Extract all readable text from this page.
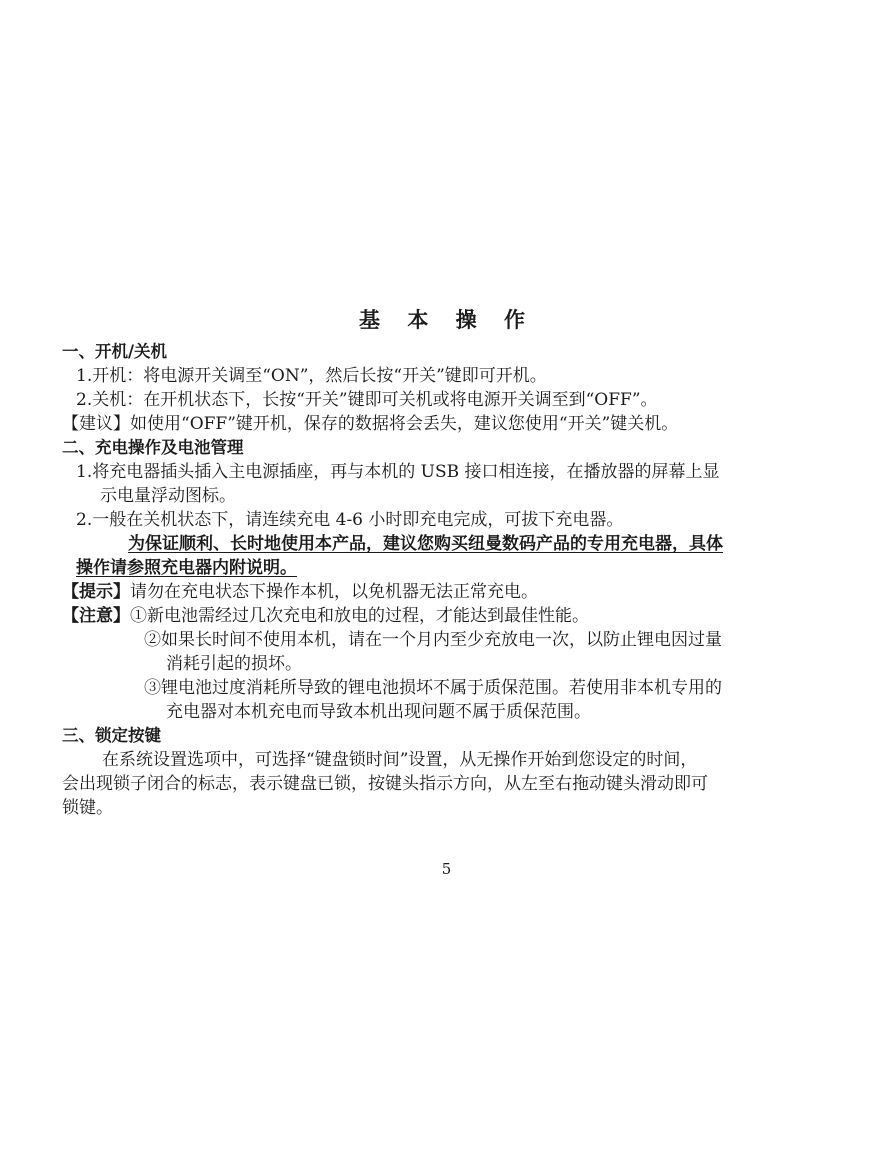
基 本 操 作
一、开机/关机

1.开机：将电源开关调至“ON”，然后长按“开关”键即可开机。

2.关机：在开机状态下，长按“开关”键即可关机或将电源开关调至到“OFF”。

【建议】如使用“OFF”键开机，保存的数据将会丢失，建议您使用“开关”键关机。

二、充电操作及电池管理

1.将充电器插头插入主电源插座，再与本机的 USB 接口相连接，在播放器的屏幕上显

示电量浮动图标。

2.一般在关机状态下，请连续充电 4-6 小时即充电完成，可拔下充电器。

为保证顺利、长时地使用本产品，建议您购买纽曼数码产品的专用充电器，具体

操作请参照充电器内附说明。

【提示】请勿在充电状态下操作本机，以免机器无法正常充电。

【注意】①新电池需经过几次充电和放电的过程，才能达到最佳性能。

②如果长时间不使用本机，请在一个月内至少充放电一次，以防止锂电因过量

消耗引起的损坏。

③锂电池过度消耗所导致的锂电池损坏不属于质保范围。若使用非本机专用的

充电器对本机充电而导致本机出现问题不属于质保范围。

三、锁定按键

在系统设置选项中，可选择“键盘锁时间”设置，从无操作开始到您设定的时间，

会出现锁子闭合的标志，表示键盘已锁，按键头指示方向，从左至右拖动键头滑动即可

锁键。

5
